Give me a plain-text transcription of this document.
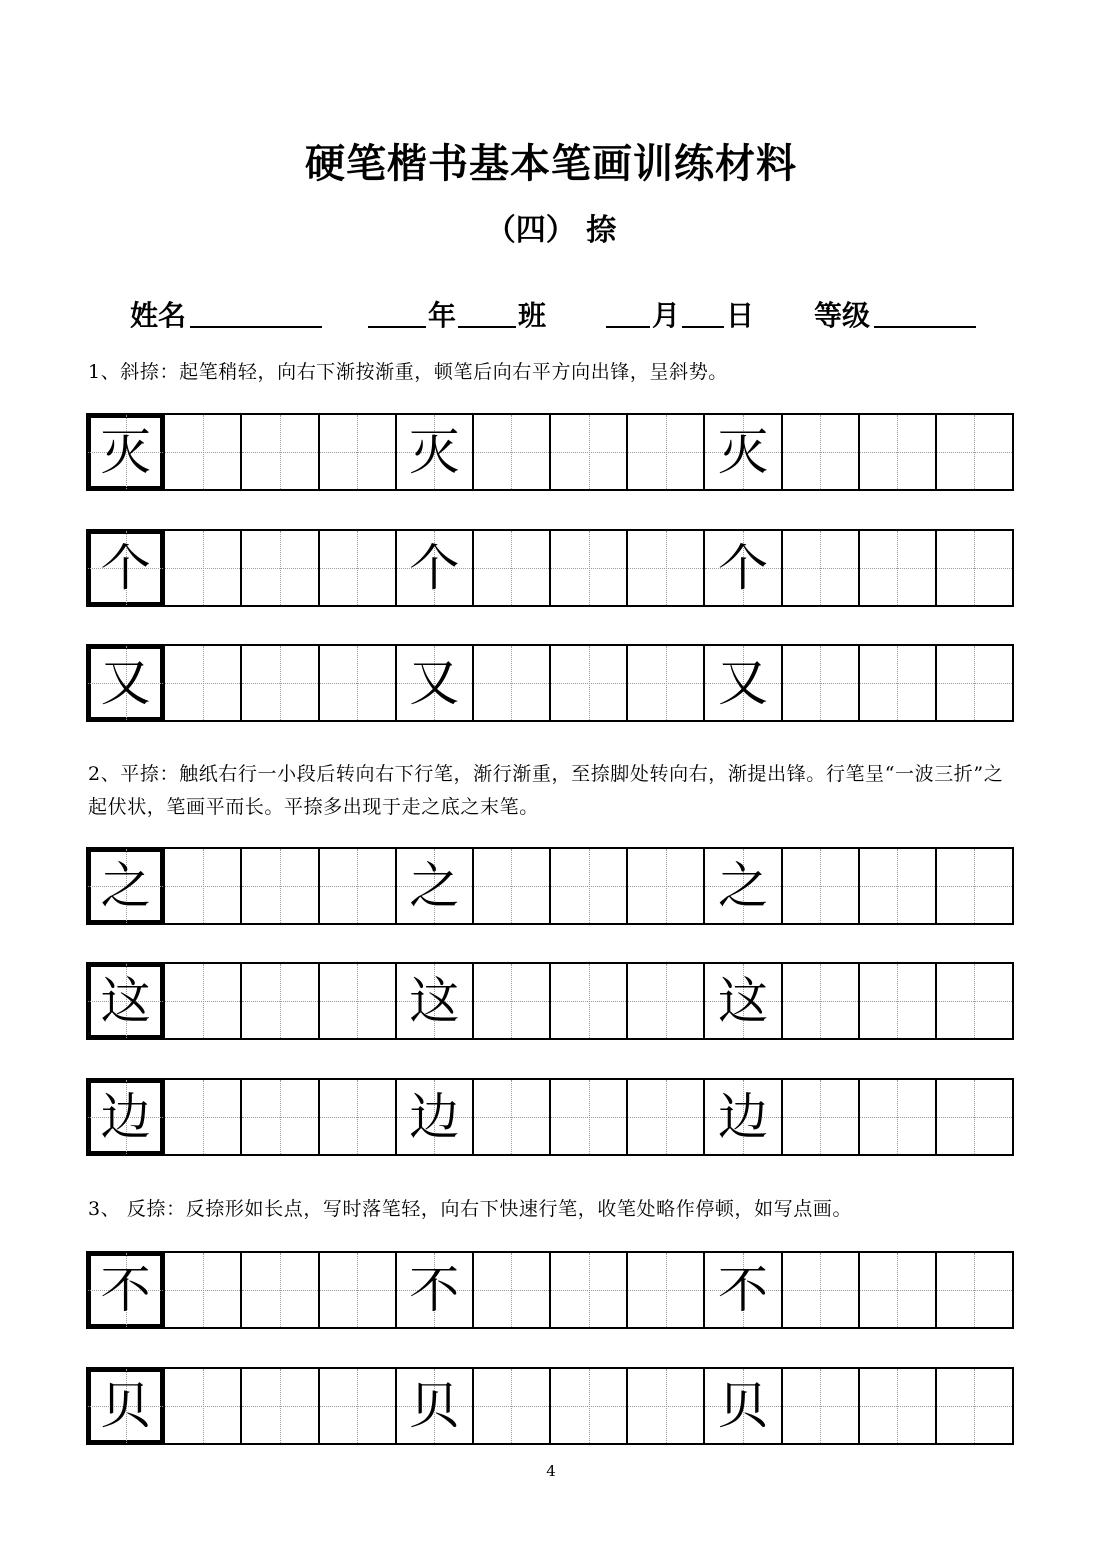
硬笔楷书基本笔画训练材料
（四） 捺
姓名	年 班	月 日 等级
1、斜捺：起笔稍轻，向右下渐按渐重，顿笔后向右平方向出锋，呈斜势。
2、平捺：触纸右行一小段后转向右下行笔，渐行渐重，至捺脚处转向右，渐提出锋。行笔呈“一波三折”之起伏状，笔画平而长。平捺多出现于走之底之末笔。
3、 反捺：反捺形如长点，写时落笔轻，向右下快速行笔，收笔处略作停顿，如写点画。
灭	灭	灭
个	个	个
又	又	又
之	之	之
这	这	这
边	边	边
不	不	不
贝	贝	贝
4
